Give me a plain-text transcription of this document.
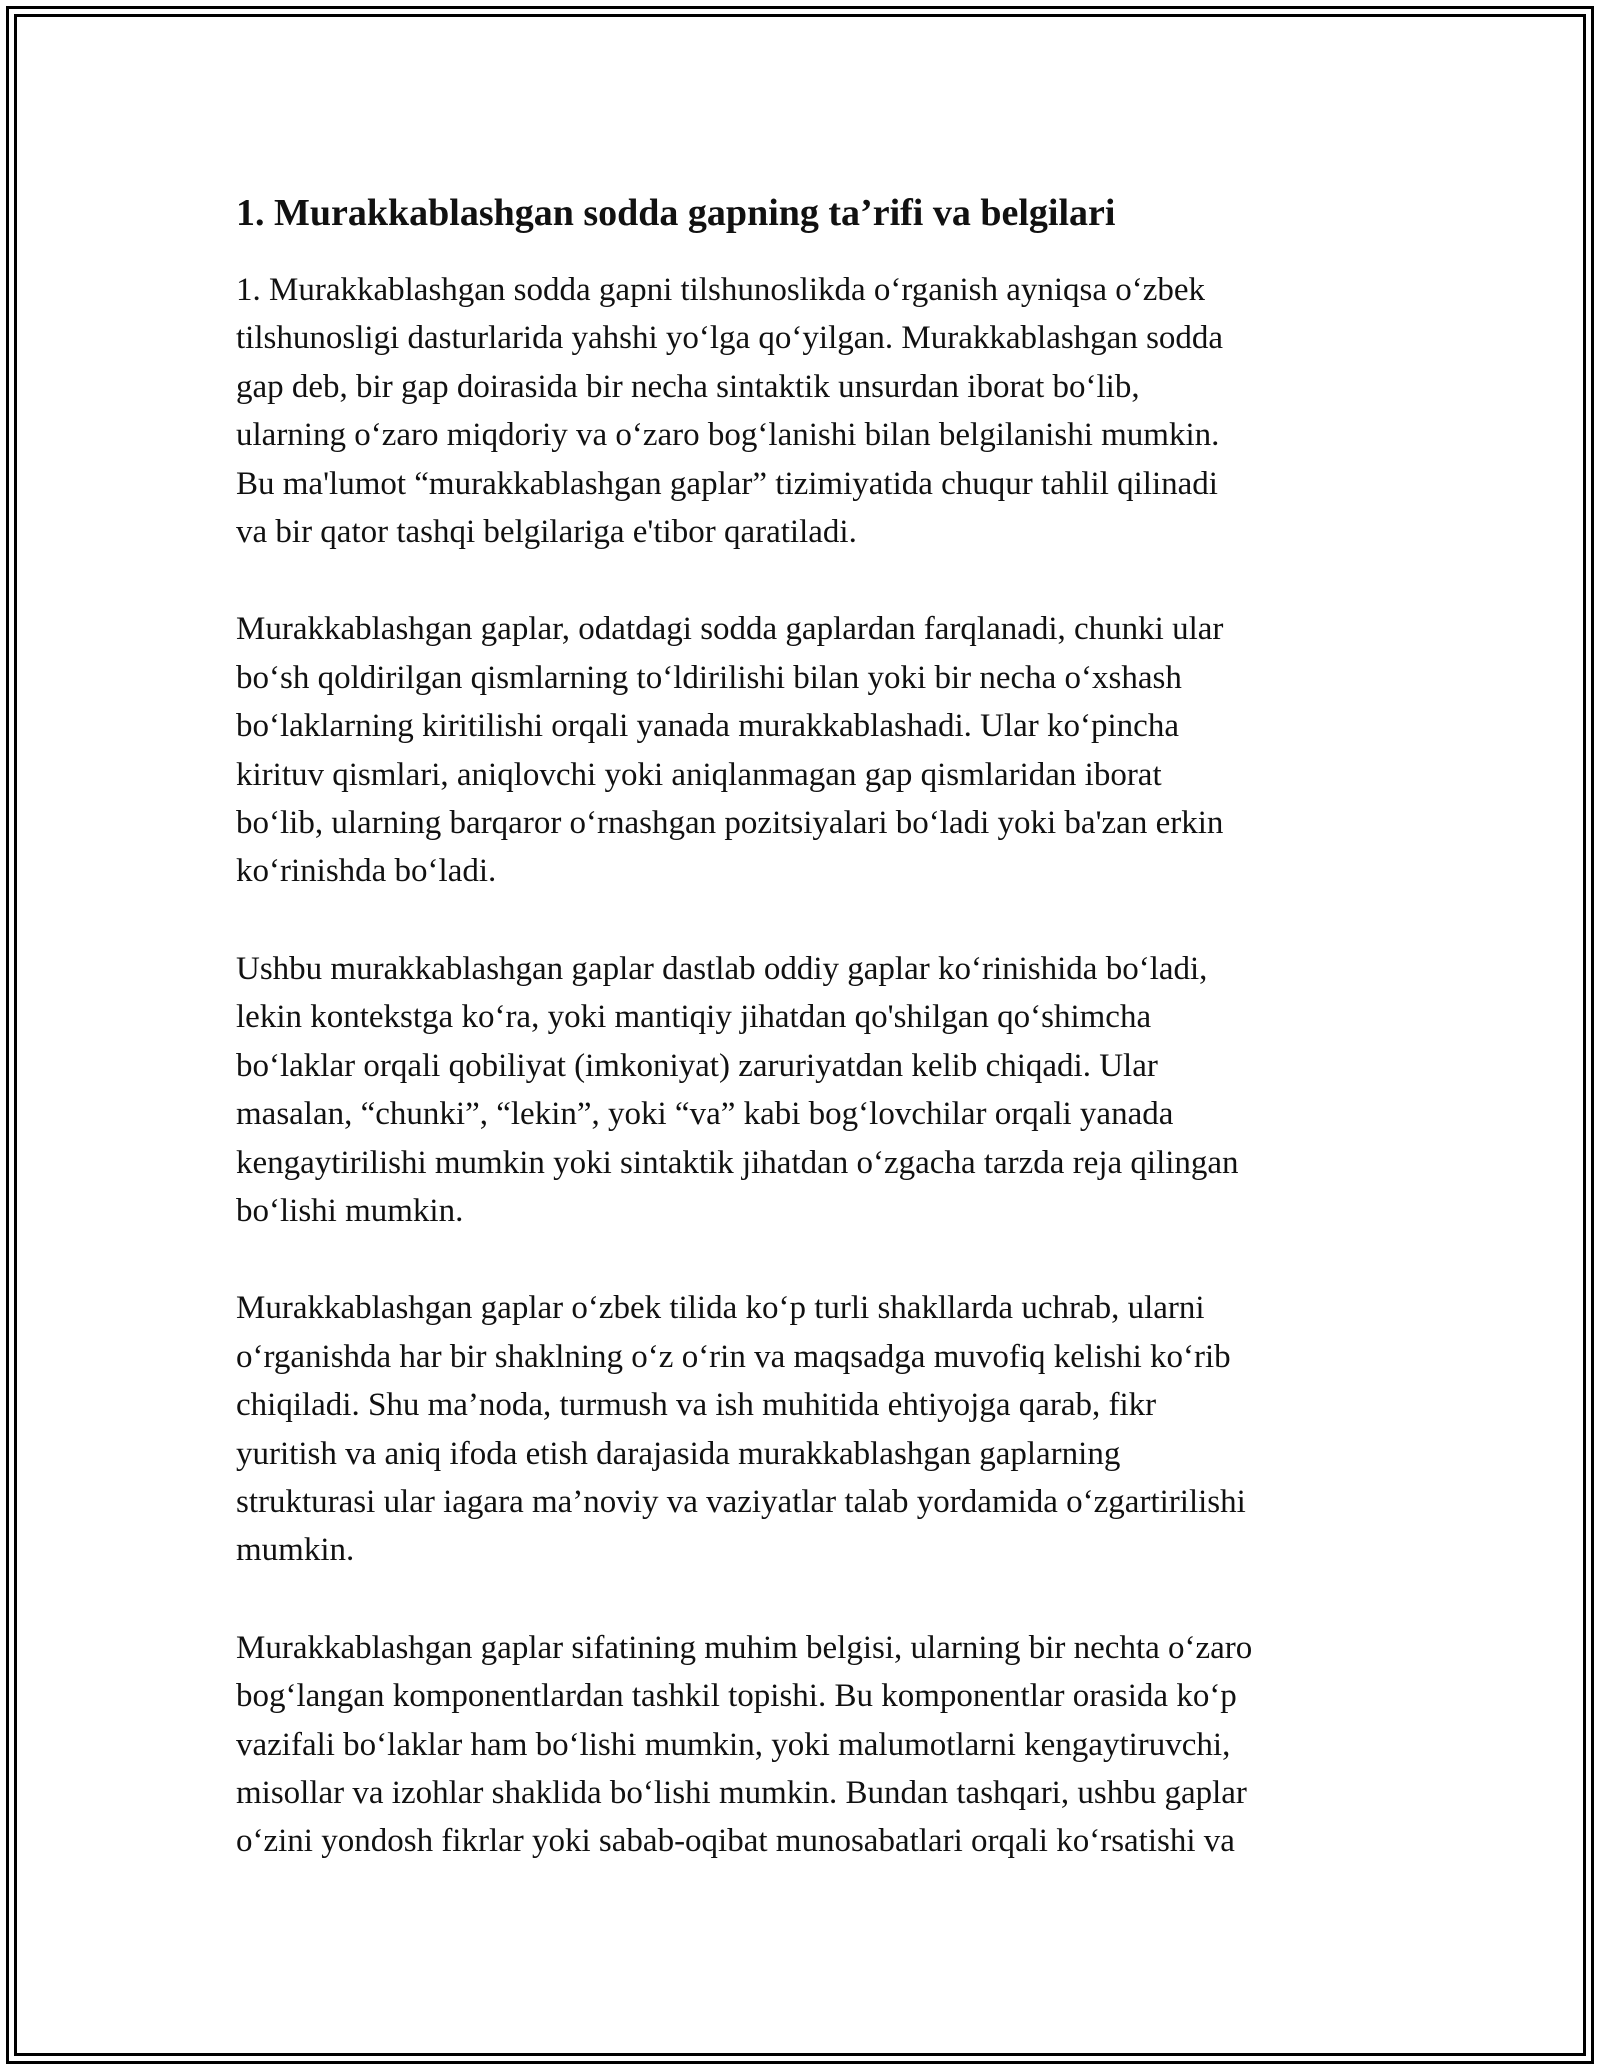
1. Murakkablashgan sodda gapning ta’rifi va belgilari

1. Murakkablashgan sodda gapni tilshunoslikda o‘rganish ayniqsa o‘zbek
tilshunosligi dasturlarida yahshi yo‘lga qo‘yilgan. Murakkablashgan sodda
gap deb, bir gap doirasida bir necha sintaktik unsurdan iborat bo‘lib,
ularning o‘zaro miqdoriy va o‘zaro bog‘lanishi bilan belgilanishi mumkin.
Bu ma'lumot “murakkablashgan gaplar” tizimiyatida chuqur tahlil qilinadi
va bir qator tashqi belgilariga e'tibor qaratiladi.

Murakkablashgan gaplar, odatdagi sodda gaplardan farqlanadi, chunki ular
bo‘sh qoldirilgan qismlarning to‘ldirilishi bilan yoki bir necha o‘xshash
bo‘laklarning kiritilishi orqali yanada murakkablashadi. Ular ko‘pincha
kirituv qismlari, aniqlovchi yoki aniqlanmagan gap qismlaridan iborat
bo‘lib, ularning barqaror o‘rnashgan pozitsiyalari bo‘ladi yoki ba'zan erkin
ko‘rinishda bo‘ladi.

Ushbu murakkablashgan gaplar dastlab oddiy gaplar ko‘rinishida bo‘ladi,
lekin kontekstga ko‘ra, yoki mantiqiy jihatdan qo'shilgan qo‘shimcha
bo‘laklar orqali qobiliyat (imkoniyat) zaruriyatdan kelib chiqadi. Ular
masalan, “chunki”, “lekin”, yoki “va” kabi bog‘lovchilar orqali yanada
kengaytirilishi mumkin yoki sintaktik jihatdan o‘zgacha tarzda reja qilingan
bo‘lishi mumkin.

Murakkablashgan gaplar o‘zbek tilida ko‘p turli shakllarda uchrab, ularni
o‘rganishda har bir shaklning o‘z o‘rin va maqsadga muvofiq kelishi ko‘rib
chiqiladi. Shu ma’noda, turmush va ish muhitida ehtiyojga qarab, fikr
yuritish va aniq ifoda etish darajasida murakkablashgan gaplarning
strukturasi ular iagara ma’noviy va vaziyatlar talab yordamida o‘zgartirilishi
mumkin.

Murakkablashgan gaplar sifatining muhim belgisi, ularning bir nechta o‘zaro
bog‘langan komponentlardan tashkil topishi. Bu komponentlar orasida ko‘p
vazifali bo‘laklar ham bo‘lishi mumkin, yoki malumotlarni kengaytiruvchi,
misollar va izohlar shaklida bo‘lishi mumkin. Bundan tashqari, ushbu gaplar
o‘zini yondosh fikrlar yoki sabab-oqibat munosabatlari orqali ko‘rsatishi va
